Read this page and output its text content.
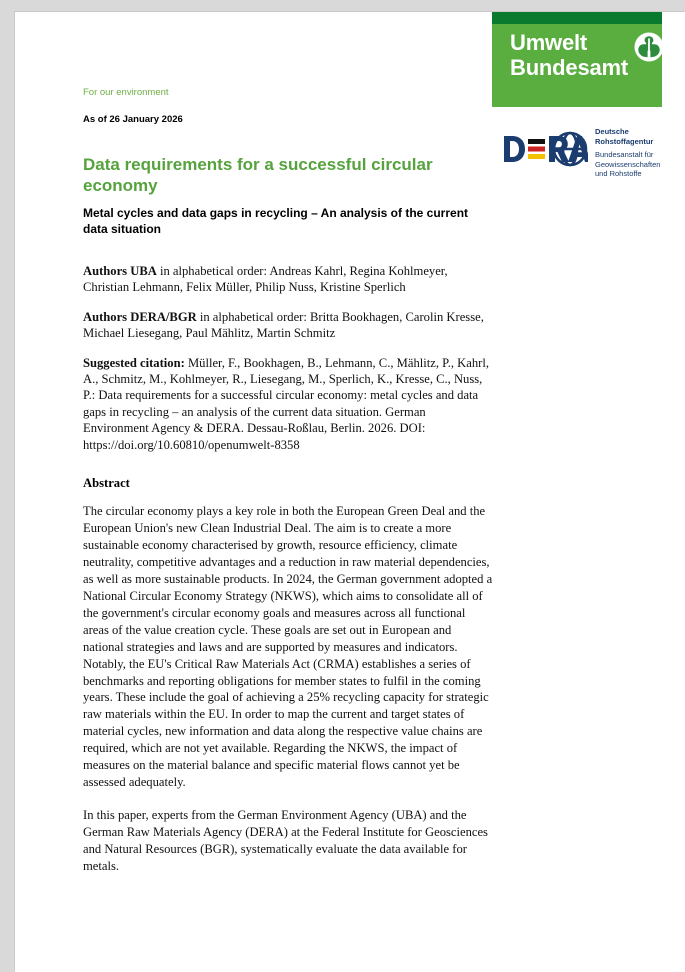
Umwelt
Bundesamt
Deutsche Rohstoffagentur
Bundesanstalt für Geowissenschaften und Rohstoffe

For our environment

As of 26 January 2026

Data requirements for a successful circular economy
Metal cycles and data gaps in recycling – An analysis of the current data situation

Authors UBA in alphabetical order: Andreas Kahrl, Regina Kohlmeyer, Christian Lehmann, Felix Müller, Philip Nuss, Kristine Sperlich

Authors DERA/BGR in alphabetical order: Britta Bookhagen, Carolin Kresse, Michael Liesegang, Paul Mählitz, Martin Schmitz

Suggested citation: Müller, F., Bookhagen, B., Lehmann, C., Mählitz, P., Kahrl, A., Schmitz, M., Kohlmeyer, R., Liesegang, M., Sperlich, K., Kresse, C., Nuss, P.: Data requirements for a successful circular economy: metal cycles and data gaps in recycling – an analysis of the current data situation. German Environment Agency & DERA. Dessau-Roßlau, Berlin. 2026. DOI: https://doi.org/10.60810/openumwelt-8358

Abstract

The circular economy plays a key role in both the European Green Deal and the European Union's new Clean Industrial Deal. The aim is to create a more sustainable economy characterised by growth, resource efficiency, climate neutrality, competitive advantages and a reduction in raw material dependencies, as well as more sustainable products. In 2024, the German government adopted a National Circular Economy Strategy (NKWS), which aims to consolidate all of the government's circular economy goals and measures across all functional areas of the value creation cycle. These goals are set out in European and national strategies and laws and are supported by measures and indicators. Notably, the EU's Critical Raw Materials Act (CRMA) establishes a series of benchmarks and reporting obligations for member states to fulfil in the coming years. These include the goal of achieving a 25% recycling capacity for strategic raw materials within the EU. In order to map the current and target states of material cycles, new information and data along the respective value chains are required, which are not yet available. Regarding the NKWS, the impact of measures on the material balance and specific material flows cannot yet be assessed adequately.

In this paper, experts from the German Environment Agency (UBA) and the German Raw Materials Agency (DERA) at the Federal Institute for Geosciences and Natural Resources (BGR), systematically evaluate the data available for metals.
